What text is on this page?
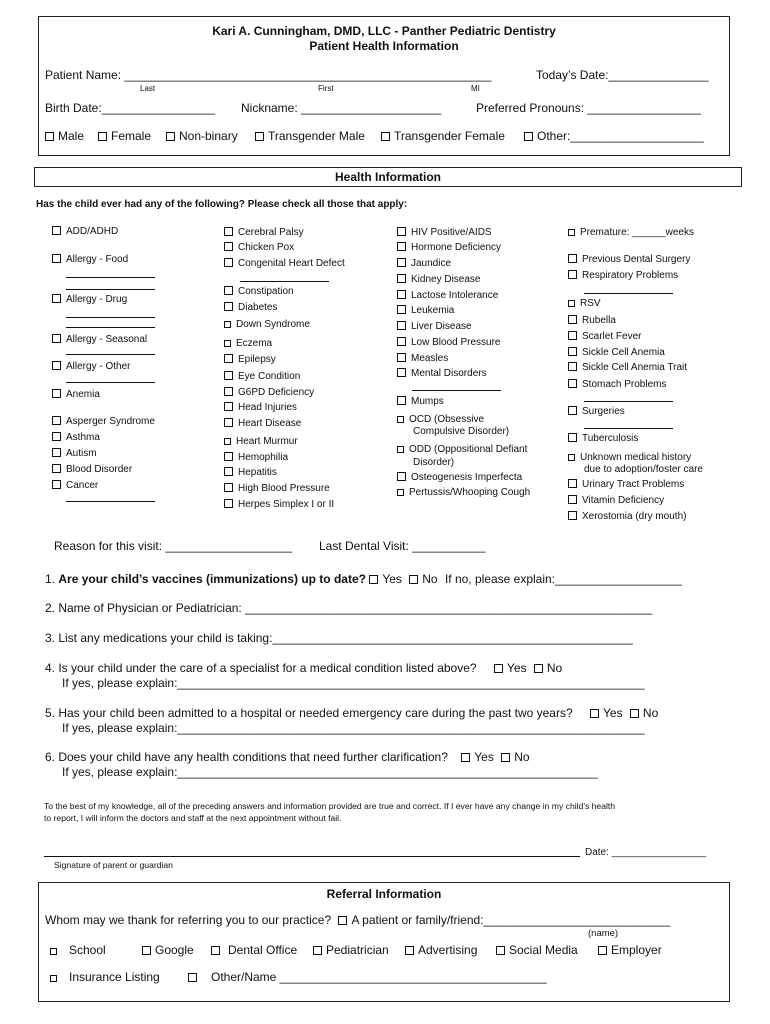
Kari A. Cunningham, DMD, LLC - Panther Pediatric Dentistry
Patient Health Information
Patient Name: _______________________________________________________	Today’s Date:_______________
Last	First	MI
Birth Date:_________________ Nickname: _____________________	Preferred Pronouns: _________________
Male	Female	Non-binary	Transgender Male	Transgender Female	Other:____________________
Health Information
Has the child ever had any of the following? Please check all those that apply:
ADD/ADHD
Allergy - Food
Allergy - Drug
Allergy - Seasonal
Allergy - Other
Anemia
Asperger Syndrome
Asthma
Autism
Blood Disorder
Cancer
Cerebral Palsy
Chicken Pox
Congenital Heart Defect
Constipation
Diabetes
Down Syndrome
Eczema
Epilepsy
Eye Condition
G6PD Deficiency
Head Injuries
Heart Disease
Heart Murmur
Hemophilia
Hepatitis
High Blood Pressure
Herpes Simplex I or II
HIV Positive/AIDS
Hormone Deficiency
Jaundice
Kidney Disease
Lactose Intolerance
Leukemia
Liver Disease
Low Blood Pressure
Measles
Mental Disorders
Mumps
OCD (Obsessive
Compulsive Disorder)
ODD (Oppositional Defiant
Disorder)
Osteogenesis Imperfecta
Pertussis/Whooping Cough
Premature: ______weeks
Previous Dental Surgery
Respiratory Problems
RSV
Rubella
Scarlet Fever
Sickle Cell Anemia
Sickle Cell Anemia Trait
Stomach Problems
Surgeries
Tuberculosis
Unknown medical history
due to adoption/foster care
Urinary Tract Problems
Vitamin Deficiency
Xerostomia (dry mouth)
Reason for this visit: ___________________ Last Dental Visit: ___________
1. Are your child’s vaccines (immunizations) up to date? Yes No If no, please explain:___________________
2. Name of Physician or Pediatrician: _____________________________________________________________
3. List any medications your child is taking:______________________________________________________
4. Is your child under the care of a specialist for a medical condition listed above?	Yes No
If yes, please explain:______________________________________________________________________
5. Has your child been admitted to a hospital or needed emergency care during the past two years?	Yes No
If yes, please explain:______________________________________________________________________
6. Does your child have any health conditions that need further clarification? Yes No
If yes, please explain:_______________________________________________________________
To the best of my knowledge, all of the preceding answers and information provided are true and correct. If I ever have any change in my child's health
to report, I will inform the doctors and staff at the next appointment without fail.
Date: _________________
Signature of parent or guardian
Referral Information
Whom may we thank for referring you to our practice? A patient or family/friend:____________________________
(name)
School	Google	Dental Office	Pediatrician	Advertising	Social Media	Employer
Insurance Listing	Other/Name ________________________________________
